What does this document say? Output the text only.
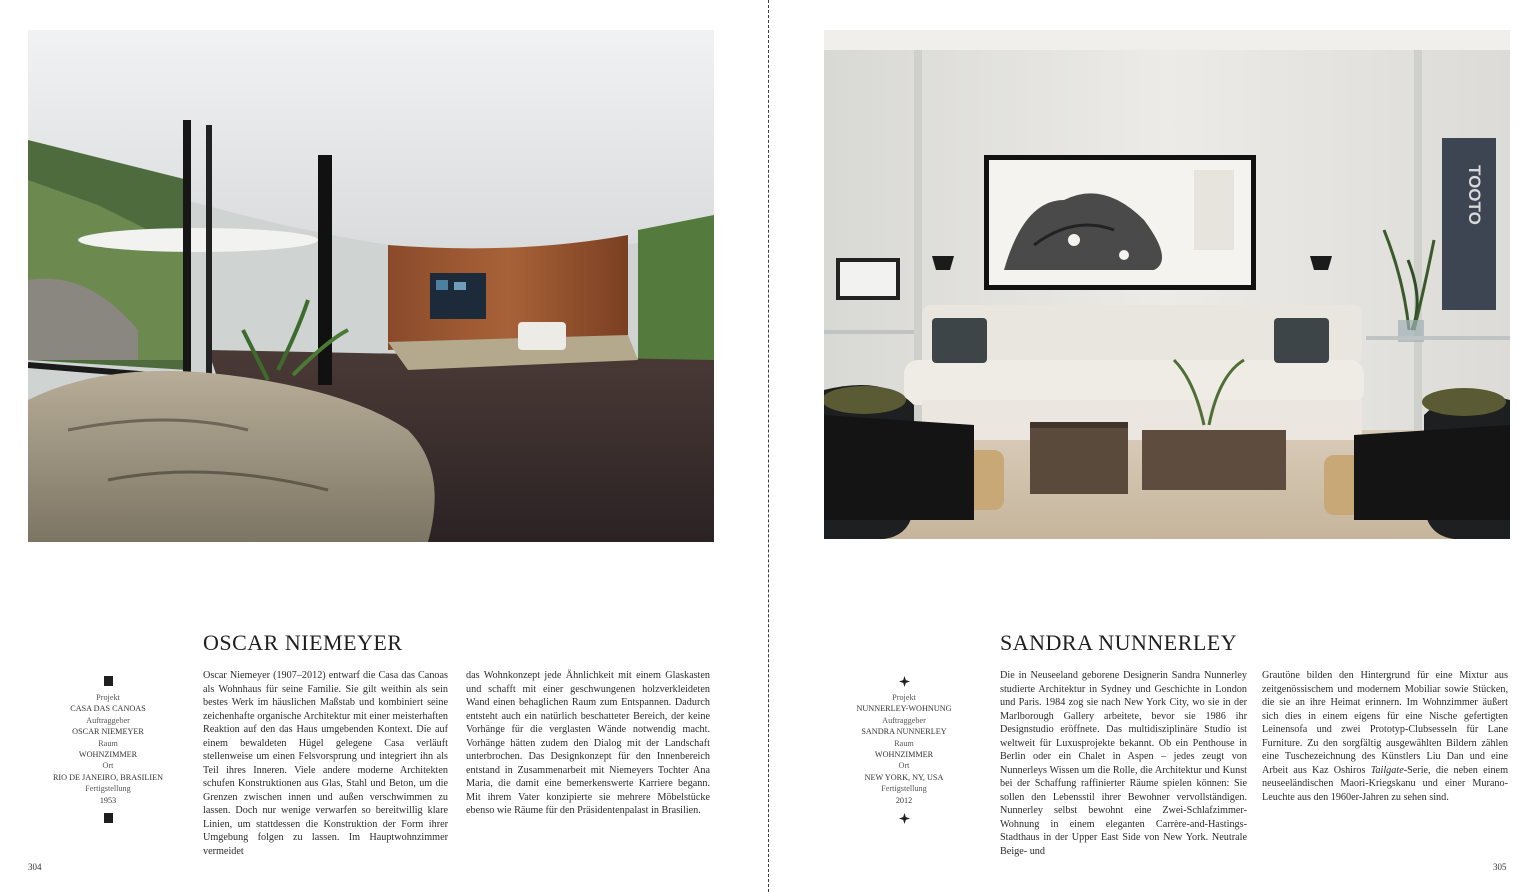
OSCAR NIEMEYER
Projekt
CASA DAS CANOAS
Auftraggeber
OSCAR NIEMEYER
Raum
WOHNZIMMER
Ort
RIO DE JANEIRO, BRASILIEN
Fertigstellung
1953

Oscar Niemeyer (1907–2012) entwarf die Casa das Canoas als Wohnhaus für seine Familie. Sie gilt weithin als sein bestes Werk im häuslichen Maßstab und kombiniert seine zeichenhafte organische Architektur mit einer meisterhaften Reaktion auf den das Haus umgebenden Kontext. Die auf einem bewaldeten Hügel gelegene Casa verläuft stellenweise um einen Felsvorsprung und integriert ihn als Teil ihres Inneren. Viele andere moderne Architekten schufen Konstruktionen aus Glas, Stahl und Beton, um die Grenzen zwischen innen und außen verschwimmen zu lassen. Doch nur wenige verwarfen so bereitwillig klare Linien, um stattdessen die Konstruktion der Form ihrer Umgebung folgen zu lassen. Im Hauptwohnzimmer vermeidet

das Wohnkonzept jede Ähnlichkeit mit einem Glaskasten und schafft mit einer geschwungenen holzverkleideten Wand einen behaglichen Raum zum Entspannen. Dadurch entsteht auch ein natürlich beschatteter Bereich, der keine Vorhänge für die verglasten Wände notwendig macht. Vorhänge hätten zudem den Dialog mit der Landschaft unterbrochen. Das Designkonzept für den Innenbereich entstand in Zusammenarbeit mit Niemeyers Tochter Ana Maria, die damit eine bemerkenswerte Karriere begann. Mit ihrem Vater konzipierte sie mehrere Möbelstücke ebenso wie Räume für den Präsidentenpalast in Brasilien.

304
TOOTO
SANDRA NUNNERLEY
Projekt
NUNNERLEY-WOHNUNG
Auftraggeber
SANDRA NUNNERLEY
Raum
WOHNZIMMER
Ort
NEW YORK, NY, USA
Fertigstellung
2012

Die in Neuseeland geborene Designerin Sandra Nunnerley studierte Architektur in Sydney und Geschichte in London und Paris. 1984 zog sie nach New York City, wo sie in der Marlborough Gallery arbeitete, bevor sie 1986 ihr Designstudio eröffnete. Das multidisziplinäre Studio ist weltweit für Luxusprojekte bekannt. Ob ein Penthouse in Berlin oder ein Chalet in Aspen – jedes zeugt von Nunnerleys Wissen um die Rolle, die Architektur und Kunst bei der Schaffung raffinierter Räume spielen können: Sie sollen den Lebensstil ihrer Bewohner vervollständigen. Nunnerley selbst bewohnt eine Zwei-Schlafzimmer-Wohnung in einem eleganten Carrère-and-Hastings-Stadthaus in der Upper East Side von New York. Neutrale Beige- und

Grautöne bilden den Hintergrund für eine Mixtur aus zeitgenössischem und modernem Mobiliar sowie Stücken, die sie an ihre Heimat erinnern. Im Wohnzimmer äußert sich dies in einem eigens für eine Nische gefertigten Leinensofa und zwei Prototyp-Clubsesseln für Lane Furniture. Zu den sorgfältig ausgewählten Bildern zählen eine Tuschezeichnung des Künstlers Liu Dan und eine Arbeit aus Kaz Oshiros Tailgate-Serie, die neben einem neuseeländischen Maori-Kriegskanu und einer Murano-Leuchte aus den 1960er-Jahren zu sehen sind.

305
